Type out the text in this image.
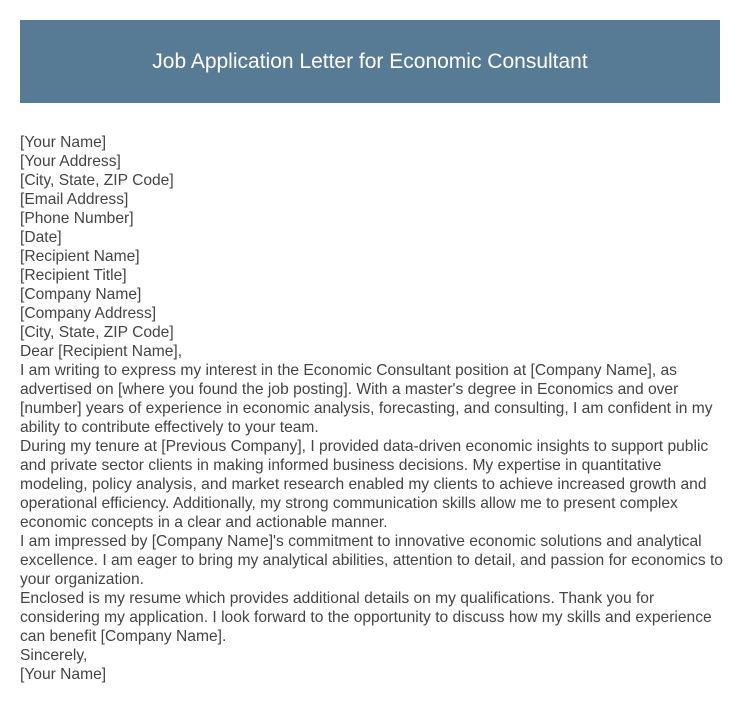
Job Application Letter for Economic Consultant
[Your Name]
[Your Address]
[City, State, ZIP Code]
[Email Address]
[Phone Number]
[Date]
[Recipient Name]
[Recipient Title]
[Company Name]
[Company Address]
[City, State, ZIP Code]
Dear [Recipient Name],

I am writing to express my interest in the Economic Consultant position at [Company Name], as advertised on [where you found the job posting]. With a master's degree in Economics and over [number] years of experience in economic analysis, forecasting, and consulting, I am confident in my ability to contribute effectively to your team.

During my tenure at [Previous Company], I provided data-driven economic insights to support public and private sector clients in making informed business decisions. My expertise in quantitative modeling, policy analysis, and market research enabled my clients to achieve increased growth and operational efficiency. Additionally, my strong communication skills allow me to present complex economic concepts in a clear and actionable manner.

I am impressed by [Company Name]'s commitment to innovative economic solutions and analytical excellence. I am eager to bring my analytical abilities, attention to detail, and passion for economics to your organization.

Enclosed is my resume which provides additional details on my qualifications. Thank you for considering my application. I look forward to the opportunity to discuss how my skills and experience can benefit [Company Name].

Sincerely,
[Your Name]
